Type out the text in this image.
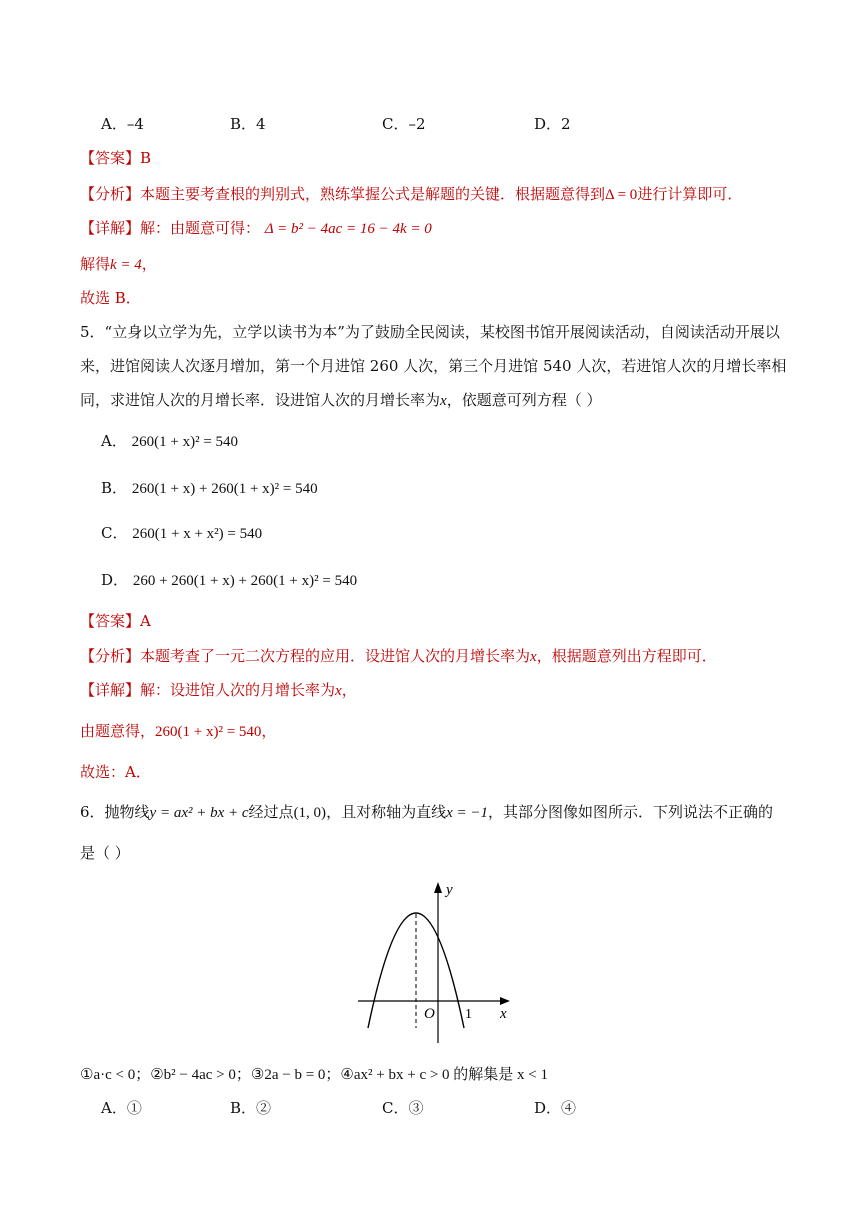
A．–4	B．4	C．–2	D．2
【答案】B
【分析】本题主要考查根的判别式，熟练掌握公式是解题的关键．根据题意得到Δ = 0进行计算即可．
【详解】解：由题意可得： Δ = b² − 4ac = 16 − 4k = 0
解得k = 4，
故选 B．
5．“立身以立学为先，立学以读书为本”为了鼓励全民阅读，某校图书馆开展阅读活动，自阅读活动开展以
来，进馆阅读人次逐月增加，第一个月进馆 260 人次，第三个月进馆 540 人次，若进馆人次的月增长率相
同，求进馆人次的月增长率．设进馆人次的月增长率为x，依题意可列方程（ ）
A． 260(1 + x)² = 540
B． 260(1 + x) + 260(1 + x)² = 540
C． 260(1 + x + x²) = 540
D． 260 + 260(1 + x) + 260(1 + x)² = 540
【答案】A
【分析】本题考查了一元二次方程的应用．设进馆人次的月增长率为x，根据题意列出方程即可．
【详解】解：设进馆人次的月增长率为x，
由题意得，260(1 + x)² = 540，
故选：A．
6．抛物线y = ax² + bx + c经过点(1, 0)，且对称轴为直线x = −1，其部分图像如图所示．下列说法不正确的
是（ ）
y
x
O 1
①a·c < 0；②b² − 4ac > 0；③2a − b = 0；④ax² + bx + c > 0 的解集是 x < 1
A．①	B．②	C．③	D．④
